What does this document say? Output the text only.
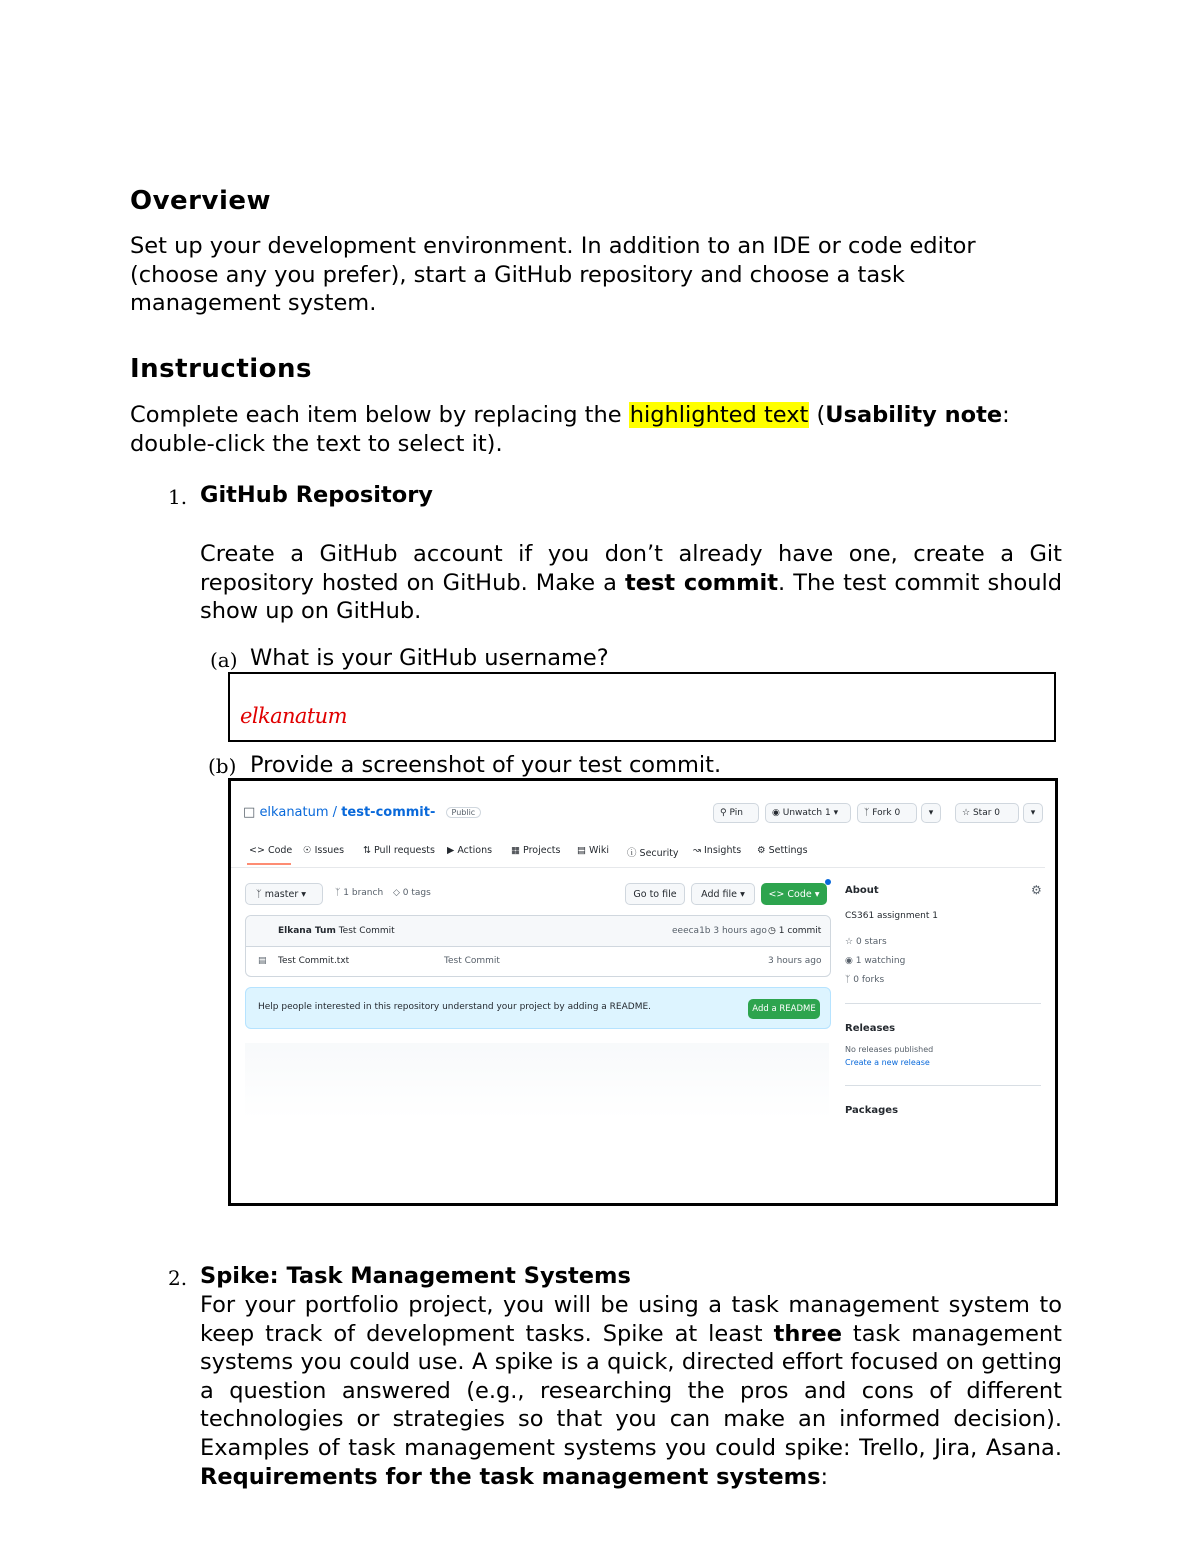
Overview

Set up your development environment. In addition to an IDE or code editor
(choose any you prefer), start a GitHub repository and choose a task
management system.

Instructions

Complete each item below by replacing the highlighted text (Usability note:
double-click the text to select it).

1. GitHub Repository

Create a GitHub account if you don’t already have one, create a Git repository hosted on GitHub. Make a test commit. The test commit should show up on GitHub.

(a) What is your GitHub username?
elkanatum
(b) Provide a screenshot of your test commit.
□ elkanatum / test-commit- Public	⚲
Pin	◉
Unwatch
1
▾	ᛉ
Fork
0	▾	☆
Star
0	▾
<> Code ☉ Issues ⇅ Pull requests ▶ Actions ▦ Projects ▤ Wiki ⓘ Security ↝ Insights ⚙ Settings
ᛉ
master
▾	ᛉ 1 branch ◇ 0 tags	Go to file	Add file
▾ <>
Code
▾
Elkana Tum Test Commit	eeeca1b 3 hours ago ◷ 1 commit
▤ Test Commit.txt	Test Commit	3 hours ago
Help people interested in this repository understand your project by adding a README.	Add a README
About	⚙
CS361 assignment 1
☆ 0 stars
◉ 1 watching
ᛉ 0 forks
Releases
No releases published
Create a new release
Packages
2. Spike: Task Management Systems

For your portfolio project, you will be using a task management system to keep track of development tasks. Spike at least three task management systems you could use. A spike is a quick, directed effort focused on getting a question answered (e.g., researching the pros and cons of different technologies or strategies so that you can make an informed decision). Examples of task management systems you could spike: Trello, Jira, Asana. Requirements for the task management systems:
